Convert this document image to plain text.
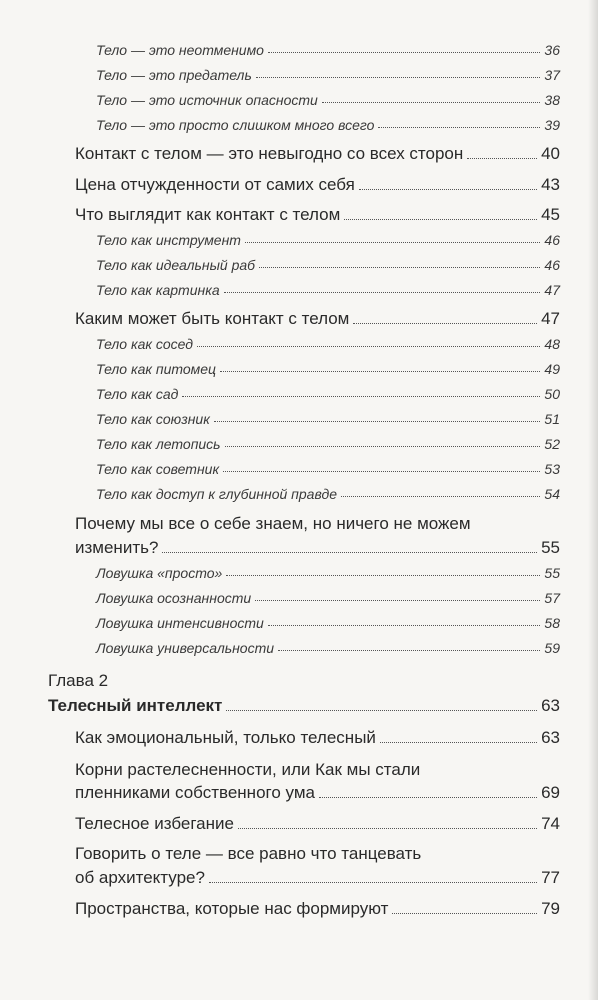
Тело — это неотменимо	36
Тело — это предатель	37
Тело — это источник опасности	38
Тело — это просто слишком много всего	39
Контакт с телом — это невыгодно со всех сторон	40
Цена отчужденности от самих себя	43
Что выглядит как контакт с телом	45
Тело как инструмент	46
Тело как идеальный раб	46
Тело как картинка	47
Каким может быть контакт с телом	47
Тело как сосед	48
Тело как питомец	49
Тело как сад	50
Тело как союзник	51
Тело как летопись	52
Тело как советник	53
Тело как доступ к глубинной правде	54
Почему мы все о себе знаем, но ничего не можем
изменить?	55
Ловушка «просто»	55
Ловушка осознанности	57
Ловушка интенсивности	58
Ловушка универсальности	59
Глава 2
Телесный интеллект	63
Как эмоциональный, только телесный	63
Корни растелесненности, или Как мы стали
пленниками собственного ума	69
Телесное избегание	74
Говорить о теле — все равно что танцевать
об архитектуре?	77
Пространства, которые нас формируют	79
